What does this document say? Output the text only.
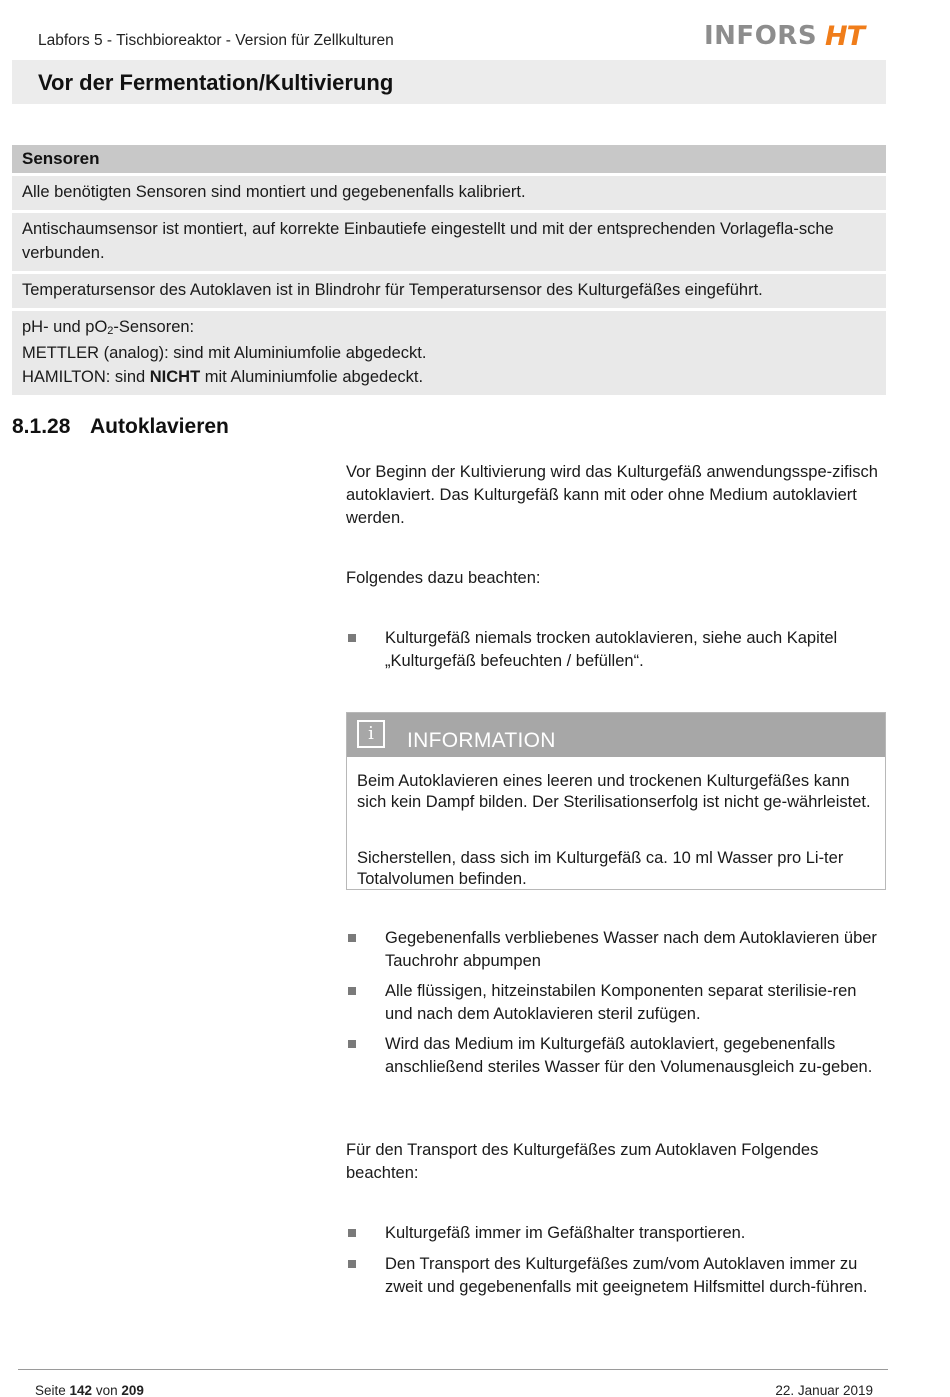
Labfors 5 - Tischbioreaktor - Version für Zellkulturen	INFORS HT
Vor der Fermentation/Kultivierung
Sensoren
Alle benötigten Sensoren sind montiert und gegebenenfalls kalibriert.
Antischaumsensor ist montiert, auf korrekte Einbautiefe eingestellt und mit der entsprechenden Vorlagefla-sche verbunden.
Temperatursensor des Autoklaven ist in Blindrohr für Temperatursensor des Kulturgefäßes eingeführt.
pH- und $pO_2$-Sensoren:
METTLER (analog): sind mit Aluminiumfolie abgedeckt.
HAMILTON: sind NICHT mit Aluminiumfolie abgedeckt.
8.1.28 Autoklavieren
Vor Beginn der Kultivierung wird das Kulturgefäß anwendungsspe-zifisch autoklaviert. Das Kulturgefäß kann mit oder ohne Medium autoklaviert werden.
Folgendes dazu beachten:
Kulturgefäß niemals trocken autoklavieren, siehe auch Kapitel „Kulturgefäß befeuchten / befüllen“.
i	INFORMATION
Beim Autoklavieren eines leeren und trockenen Kulturgefäßes kann sich kein Dampf bilden. Der Sterilisationserfolg ist nicht ge-währleistet.
Sicherstellen, dass sich im Kulturgefäß ca. 10 ml Wasser pro Li-ter Totalvolumen befinden.
Gegebenenfalls verbliebenes Wasser nach dem Autoklavieren über Tauchrohr abpumpen
Alle flüssigen, hitzeinstabilen Komponenten separat sterilisie-ren und nach dem Autoklavieren steril zufügen.
Wird das Medium im Kulturgefäß autoklaviert, gegebenenfalls anschließend steriles Wasser für den Volumenausgleich zu-geben.
Für den Transport des Kulturgefäßes zum Autoklaven Folgendes beachten:
Kulturgefäß immer im Gefäßhalter transportieren.
Den Transport des Kulturgefäßes zum/vom Autoklaven immer zu zweit und gegebenenfalls mit geeignetem Hilfsmittel durch-führen.
Seite 142 von 209	22. Januar 2019
